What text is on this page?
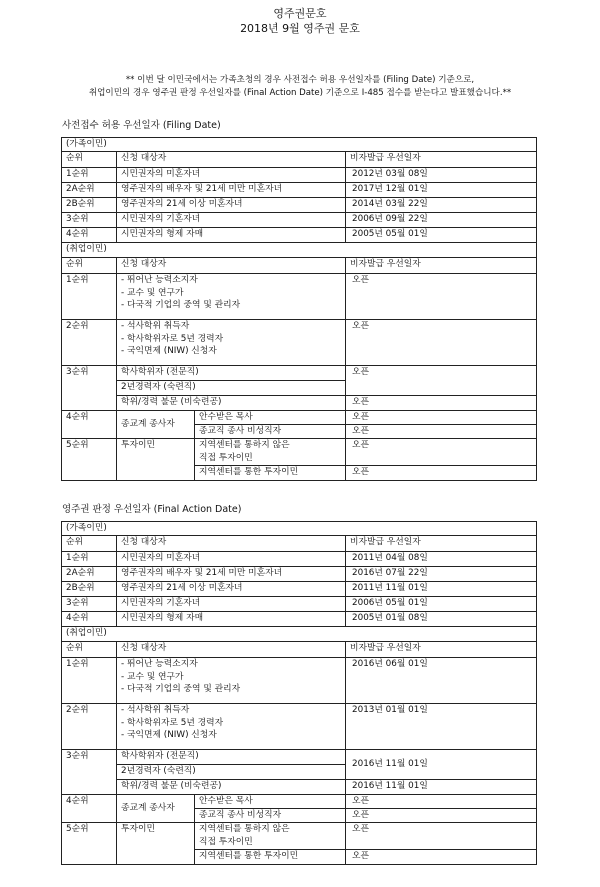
영주권문호
2018년 9월 영주권 문호
** 이번 달 이민국에서는 가족초청의 경우 사전접수 허용 우선일자를 (Filing Date) 기준으로,
취업이민의 경우 영주권 판정 우선일자를 (Final Action Date) 기준으로 I-485 접수를 받는다고 발표했습니다.**
사전접수 허용 우선일자 (Filing Date)
(가족이민)			
순위	신청 대상자		비자발급 우선일자
1순위	시민권자의 미혼자녀		2012년 03월 08일
2A순위	영주권자의 배우자 및 21세 미만 미혼자녀		2017년 12월 01일
2B순위	영주권자의 21세 이상 미혼자녀		2014년 03월 22일
3순위	시민권자의 기혼자녀		2006년 09월 22일
4순위	시민권자의 형제 자매		2005년 05월 01일
(취업이민)			
순위	신청 대상자		비자발급 우선일자
1순위	- 뛰어난 능력소지자
- 교수 및 연구가
- 다국적 기업의 중역 및 관리자		오픈
2순위	- 석사학위 취득자
- 학사학위자로 5년 경력자
- 국익면제 (NIW) 신청자		오픈
3순위	학사학위자 (전문직)		오픈
	2년경력자 (숙련직)		
	학위/경력 불문 (비숙련공)		오픈
4순위	종교계 종사자	안수받은 목사	오픈
		종교직 종사 비성직자	오픈
5순위	투자이민	지역센터를 통하지 않은
직접 투자이민	오픈
		지역센터를 통한 투자이민	오픈
영주권 판정 우선일자 (Final Action Date)
(가족이민)			
순위	신청 대상자		비자발급 우선일자
1순위	시민권자의 미혼자녀		2011년 04월 08일
2A순위	영주권자의 배우자 및 21세 미만 미혼자녀		2016년 07월 22일
2B순위	영주권자의 21세 이상 미혼자녀		2011년 11월 01일
3순위	시민권자의 기혼자녀		2006년 05월 01일
4순위	시민권자의 형제 자매		2005년 01월 08일
(취업이민)			
순위	신청 대상자		비자발급 우선일자
1순위	- 뛰어난 능력소지자
- 교수 및 연구가
- 다국적 기업의 중역 및 관리자		2016년 06월 01일
2순위	- 석사학위 취득자
- 학사학위자로 5년 경력자
- 국익면제 (NIW) 신청자		2013년 01월 01일
3순위	학사학위자 (전문직)		2016년 11월 01일
	2년경력자 (숙련직)		
	학위/경력 불문 (비숙련공)		2016년 11월 01일
4순위	종교계 종사자	안수받은 목사	오픈
		종교직 종사 비성직자	오픈
5순위	투자이민	지역센터를 통하지 않은
직접 투자이민	오픈
		지역센터를 통한 투자이민	오픈
